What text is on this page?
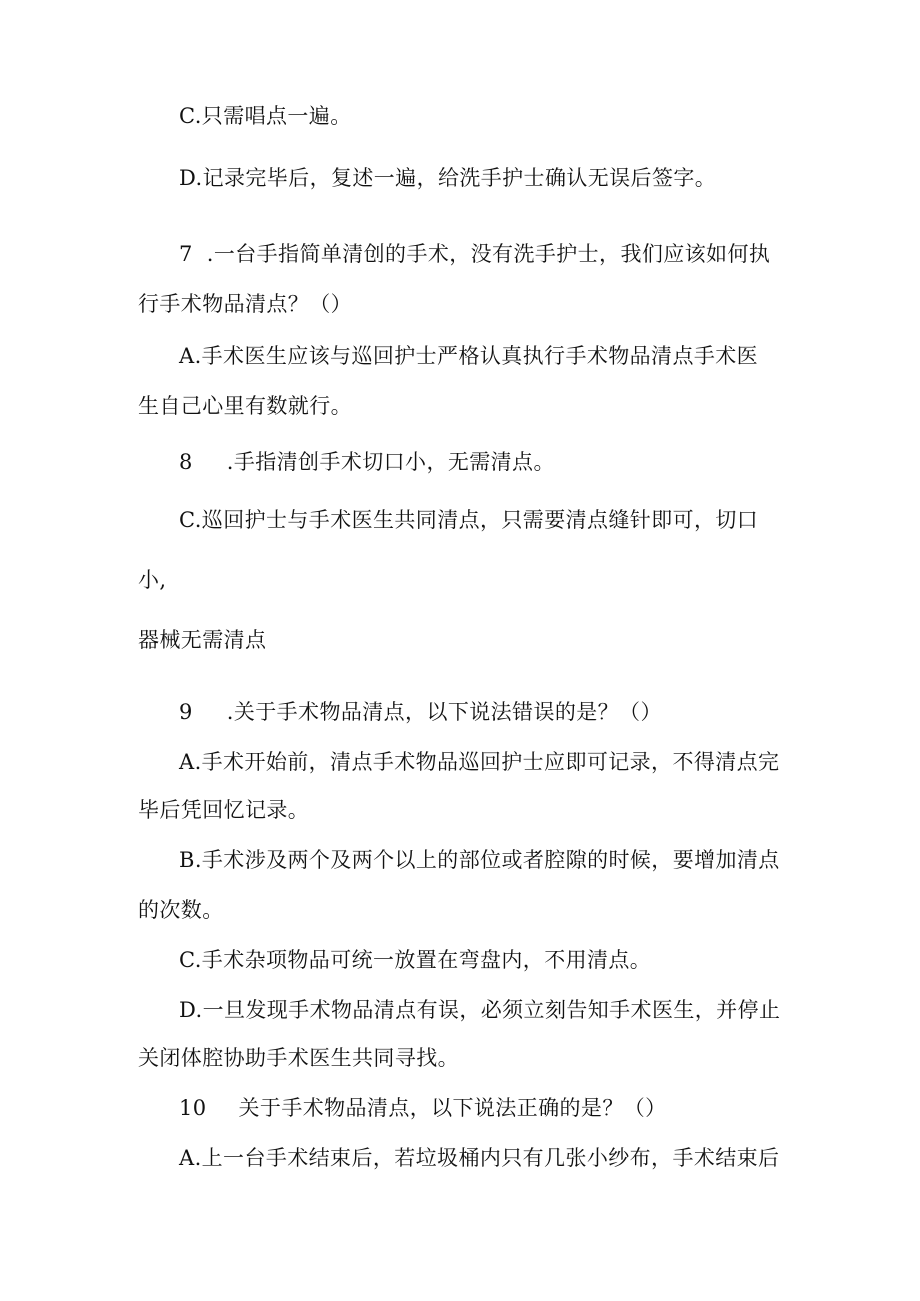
C.只需唱点一遍。
D.记录完毕后，复述一遍，给洗手护士确认无误后签字。
7 .一台手指简单清创的手术，没有洗手护士，我们应该如何执
行手术物品清点？（）
A.手术医生应该与巡回护士严格认真执行手术物品清点手术医
生自己心里有数就行。
8 .手指清创手术切口小，无需清点。
C.巡回护士与手术医生共同清点，只需要清点缝针即可，切口
小,
器械无需清点
9 .关于手术物品清点，以下说法错误的是？（）
A.手术开始前，清点手术物品巡回护士应即可记录，不得清点完
毕后凭回忆记录。
B.手术涉及两个及两个以上的部位或者腔隙的时候，要增加清点
的次数。
C.手术杂项物品可统一放置在弯盘内，不用清点。
D.一旦发现手术物品清点有误，必须立刻告知手术医生，并停止
关闭体腔协助手术医生共同寻找。
10 关于手术物品清点，以下说法正确的是？（）
A.上一台手术结束后，若垃圾桶内只有几张小纱布，手术结束后
